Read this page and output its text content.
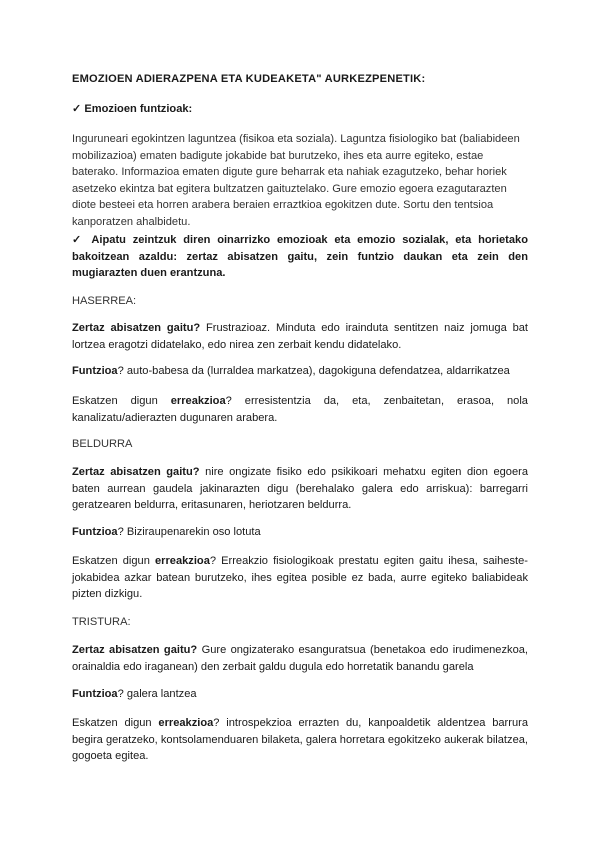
EMOZIOEN ADIERAZPENA ETA KUDEAKETA" AURKEZPENETIK:

✓ Emozioen funtzioak:

Inguruneari egokintzen laguntzea (fisikoa eta soziala). Laguntza fisiologiko bat (baliabideen mobilizazioa) ematen badigute jokabide bat burutzeko, ihes eta aurre egiteko, estae baterako. Informazioa ematen digute gure beharrak eta nahiak ezagutzeko, behar horiek asetzeko ekintza bat egitera bultzatzen gaituztelako. Gure emozio egoera ezagutarazten diote besteei eta horren arabera beraien erraztkioa egokitzen dute. Sortu den tentsioa kanporatzen ahalbidetu.

✓ Aipatu zeintzuk diren oinarrizko emozioak eta emozio sozialak, eta horietako bakoitzean azaldu: zertaz abisatzen gaitu, zein funtzio daukan eta zein den mugiarazten duen erantzuna.

HASERREA:

Zertaz abisatzen gaitu? Frustrazioaz. Minduta edo irainduta sentitzen naiz jomuga bat lortzea eragotzi didatelako, edo nirea zen zerbait kendu didatelako.

Funtzioa? auto-babesa da (lurraldea markatzea), dagokiguna defendatzea, aldarrikatzea

Eskatzen digun erreakzioa? erresistentzia da, eta, zenbaitetan, erasoa, nola kanalizatu/adierazten dugunaren arabera.

BELDURRA

Zertaz abisatzen gaitu? nire ongizate fisiko edo psikikoari mehatxu egiten dion egoera baten aurrean gaudela jakinarazten digu (berehalako galera edo arriskua): barregarri geratzearen beldurra, eritasunaren, heriotzaren beldurra.

Funtzioa? Biziraupenarekin oso lotuta

Eskatzen digun erreakzioa? Erreakzio fisiologikoak prestatu egiten gaitu ihesa, saiheste-jokabidea azkar batean burutzeko, ihes egitea posible ez bada, aurre egiteko baliabideak pizten dizkigu.

TRISTURA:

Zertaz abisatzen gaitu? Gure ongizaterako esanguratsua (benetakoa edo irudimenezkoa, orainaldia edo iraganean) den zerbait galdu dugula edo horretatik banandu garela

Funtzioa? galera lantzea

Eskatzen digun erreakzioa? introspekzioa errazten du, kanpoaldetik aldentzea barrura begira geratzeko, kontsolamenduaren bilaketa, galera horretara egokitzeko aukerak bilatzea, gogoeta egitea.
